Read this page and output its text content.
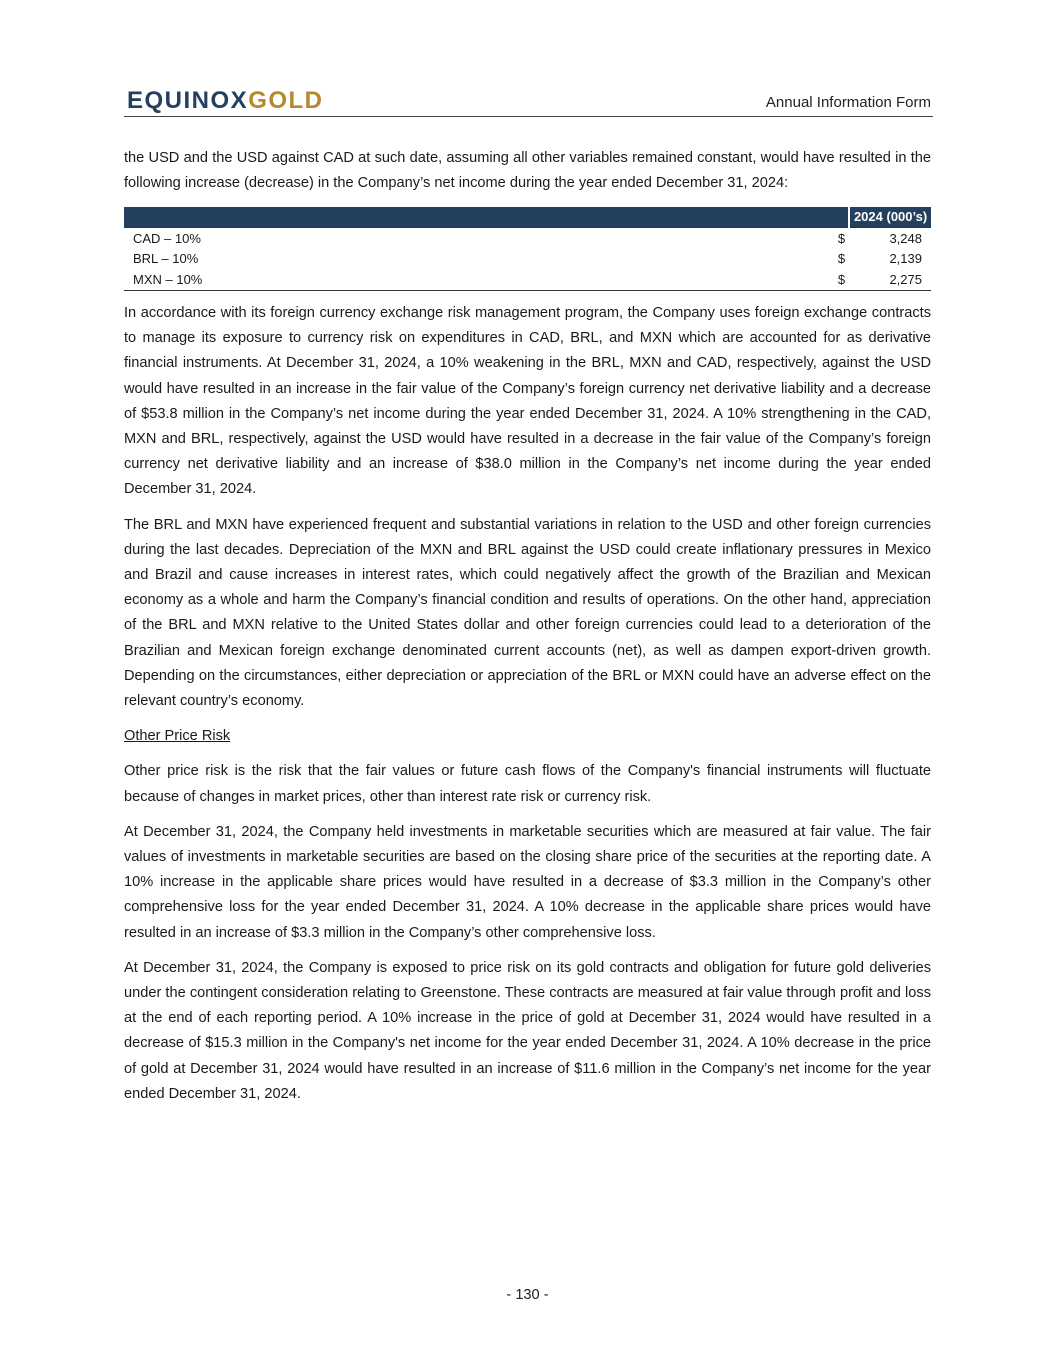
EQUINOXGOLD	Annual Information Form

the USD and the USD against CAD at such date, assuming all other variables remained constant, would have resulted in the following increase (decrease) in the Company’s net income during the year ended December 31, 2024:

		2024 (000’s)
CAD – 10%	$	3,248
BRL – 10%	$	2,139
MXN – 10%	$	2,275

In accordance with its foreign currency exchange risk management program, the Company uses foreign exchange contracts to manage its exposure to currency risk on expenditures in CAD, BRL, and MXN which are accounted for as derivative financial instruments. At December 31, 2024, a 10% weakening in the BRL, MXN and CAD, respectively, against the USD would have resulted in an increase in the fair value of the Company’s foreign currency net derivative liability and a decrease of $53.8 million in the Company’s net income during the year ended December 31, 2024. A 10% strengthening in the CAD, MXN and BRL, respectively, against the USD would have resulted in a decrease in the fair value of the Company’s foreign currency net derivative liability and an increase of $38.0 million in the Company’s net income during the year ended December 31, 2024.

The BRL and MXN have experienced frequent and substantial variations in relation to the USD and other foreign currencies during the last decades. Depreciation of the MXN and BRL against the USD could create inflationary pressures in Mexico and Brazil and cause increases in interest rates, which could negatively affect the growth of the Brazilian and Mexican economy as a whole and harm the Company’s financial condition and results of operations. On the other hand, appreciation of the BRL and MXN relative to the United States dollar and other foreign currencies could lead to a deterioration of the Brazilian and Mexican foreign exchange denominated current accounts (net), as well as dampen export-driven growth. Depending on the circumstances, either depreciation or appreciation of the BRL or MXN could have an adverse effect on the relevant country’s economy.

Other Price Risk

Other price risk is the risk that the fair values or future cash flows of the Company's financial instruments will fluctuate because of changes in market prices, other than interest rate risk or currency risk.

At December 31, 2024, the Company held investments in marketable securities which are measured at fair value. The fair values of investments in marketable securities are based on the closing share price of the securities at the reporting date. A 10% increase in the applicable share prices would have resulted in a decrease of $3.3 million in the Company’s other comprehensive loss for the year ended December 31, 2024. A 10% decrease in the applicable share prices would have resulted in an increase of $3.3 million in the Company’s other comprehensive loss.

At December 31, 2024, the Company is exposed to price risk on its gold contracts and obligation for future gold deliveries under the contingent consideration relating to Greenstone. These contracts are measured at fair value through profit and loss at the end of each reporting period. A 10% increase in the price of gold at December 31, 2024 would have resulted in a decrease of $15.3 million in the Company's net income for the year ended December 31, 2024. A 10% decrease in the price of gold at December 31, 2024 would have resulted in an increase of $11.6 million in the Company’s net income for the year ended December 31, 2024.

- 130 -
